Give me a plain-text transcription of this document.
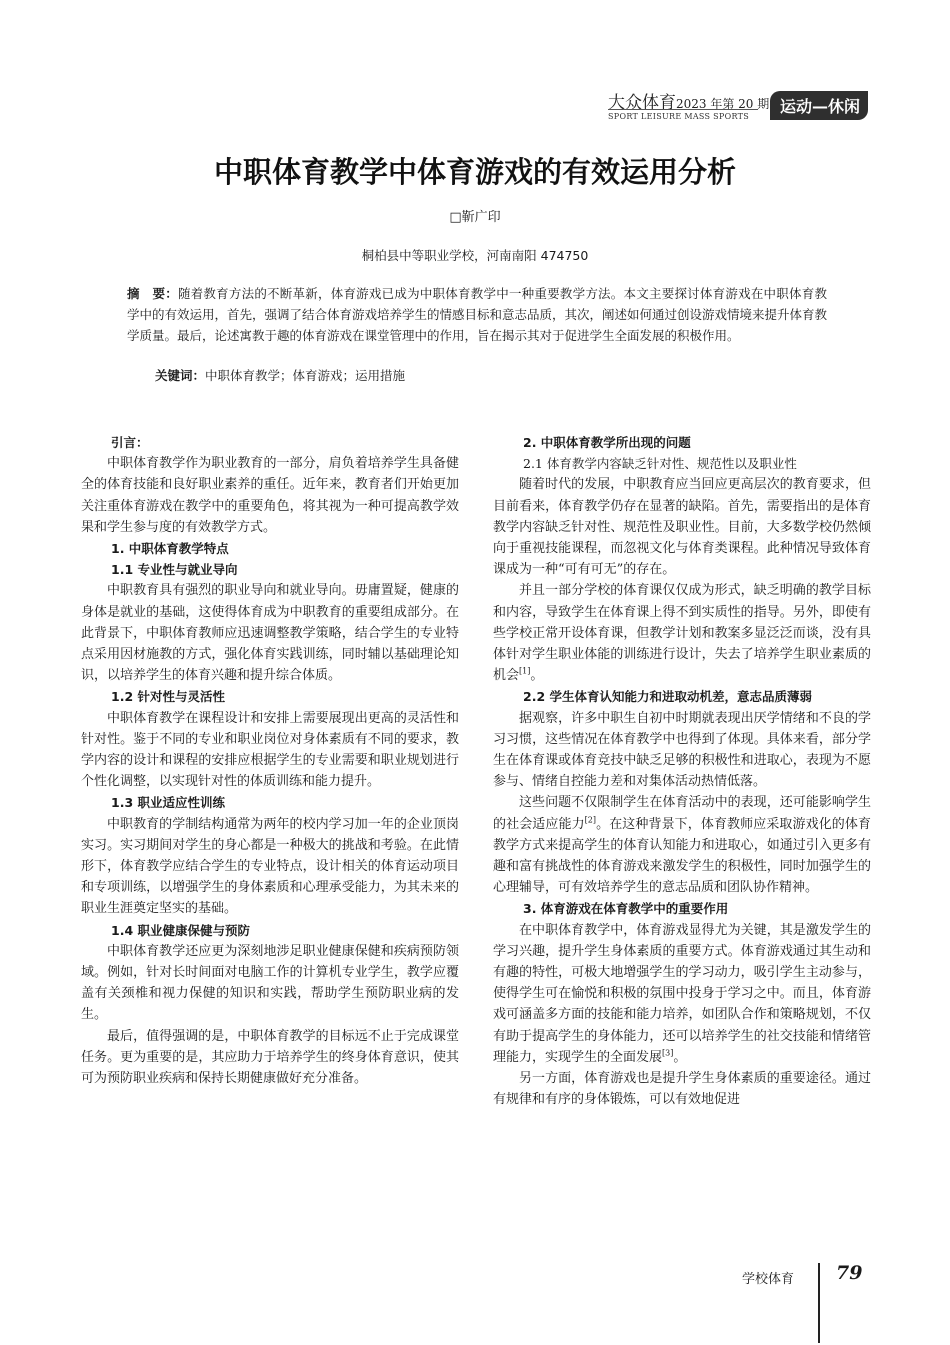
大众体育2023 年第 20 期
SPORT LEISURE MASS SPORTS
运动—休闲
中职体育教学中体育游戏的有效运用分析
□靳广印
桐柏县中等职业学校，河南南阳 474750
摘　要：随着教育方法的不断革新，体育游戏已成为中职体育教学中一种重要教学方法。本文主要探讨体育游戏在中职体育教学中的有效运用，首先，强调了结合体育游戏培养学生的情感目标和意志品质，其次，阐述如何通过创设游戏情境来提升体育教学质量。最后，论述寓教于趣的体育游戏在课堂管理中的作用，旨在揭示其对于促进学生全面发展的积极作用。
关键词：中职体育教学；体育游戏；运用措施
引言：

中职体育教学作为职业教育的一部分，肩负着培养学生具备健全的体育技能和良好职业素养的重任。近年来，教育者们开始更加关注重体育游戏在教学中的重要角色，将其视为一种可提高教学效果和学生参与度的有效教学方式。

1. 中职体育教学特点
1.1 专业性与就业导向

中职教育具有强烈的职业导向和就业导向。毋庸置疑，健康的身体是就业的基础，这使得体育成为中职教育的重要组成部分。在此背景下，中职体育教师应迅速调整教学策略，结合学生的专业特点采用因材施教的方式，强化体育实践训练，同时辅以基础理论知识，以培养学生的体育兴趣和提升综合体质。

1.2 针对性与灵活性

中职体育教学在课程设计和安排上需要展现出更高的灵活性和针对性。鉴于不同的专业和职业岗位对身体素质有不同的要求，教学内容的设计和课程的安排应根据学生的专业需要和职业规划进行个性化调整，以实现针对性的体质训练和能力提升。

1.3 职业适应性训练

中职教育的学制结构通常为两年的校内学习加一年的企业顶岗实习。实习期间对学生的身心都是一种极大的挑战和考验。在此情形下，体育教学应结合学生的专业特点，设计相关的体育运动项目和专项训练，以增强学生的身体素质和心理承受能力，为其未来的职业生涯奠定坚实的基础。

1.4 职业健康保健与预防

中职体育教学还应更为深刻地涉足职业健康保健和疾病预防领域。例如，针对长时间面对电脑工作的计算机专业学生，教学应覆盖有关颈椎和视力保健的知识和实践，帮助学生预防职业病的发生。

最后，值得强调的是，中职体育教学的目标远不止于完成课堂任务。更为重要的是，其应助力于培养学生的终身体育意识，使其可为预防职业疾病和保持长期健康做好充分准备。

2. 中职体育教学所出现的问题
2.1 体育教学内容缺乏针对性、规范性以及职业性

随着时代的发展，中职教育应当回应更高层次的教育要求，但目前看来，体育教学仍存在显著的缺陷。首先，需要指出的是体育教学内容缺乏针对性、规范性及职业性。目前，大多数学校仍然倾向于重视技能课程，而忽视文化与体育类课程。此种情况导致体育课成为一种“可有可无”的存在。

并且一部分学校的体育课仅仅成为形式，缺乏明确的教学目标和内容，导致学生在体育课上得不到实质性的指导。另外，即使有些学校正常开设体育课，但教学计划和教案多显泛泛而谈，没有具体针对学生职业体能的训练进行设计，失去了培养学生职业素质的机会[1]。

2.2 学生体育认知能力和进取动机差，意志品质薄弱

据观察，许多中职生自初中时期就表现出厌学情绪和不良的学习习惯，这些情况在体育教学中也得到了体现。具体来看，部分学生在体育课或体育竞技中缺乏足够的积极性和进取心，表现为不愿参与、情绪自控能力差和对集体活动热情低落。

这些问题不仅限制学生在体育活动中的表现，还可能影响学生的社会适应能力[2]。在这种背景下，体育教师应采取游戏化的体育教学方式来提高学生的体育认知能力和进取心，如通过引入更多有趣和富有挑战性的体育游戏来激发学生的积极性，同时加强学生的心理辅导，可有效培养学生的意志品质和团队协作精神。

3. 体育游戏在体育教学中的重要作用

在中职体育教学中，体育游戏显得尤为关键，其是激发学生的学习兴趣，提升学生身体素质的重要方式。体育游戏通过其生动和有趣的特性，可极大地增强学生的学习动力，吸引学生主动参与，使得学生可在愉悦和积极的氛围中投身于学习之中。而且，体育游戏可涵盖多方面的技能和能力培养，如团队合作和策略规划，不仅有助于提高学生的身体能力，还可以培养学生的社交技能和情绪管理能力，实现学生的全面发展[3]。

另一方面，体育游戏也是提升学生身体素质的重要途径。通过有规律和有序的身体锻炼，可以有效地促进

学校体育 79
